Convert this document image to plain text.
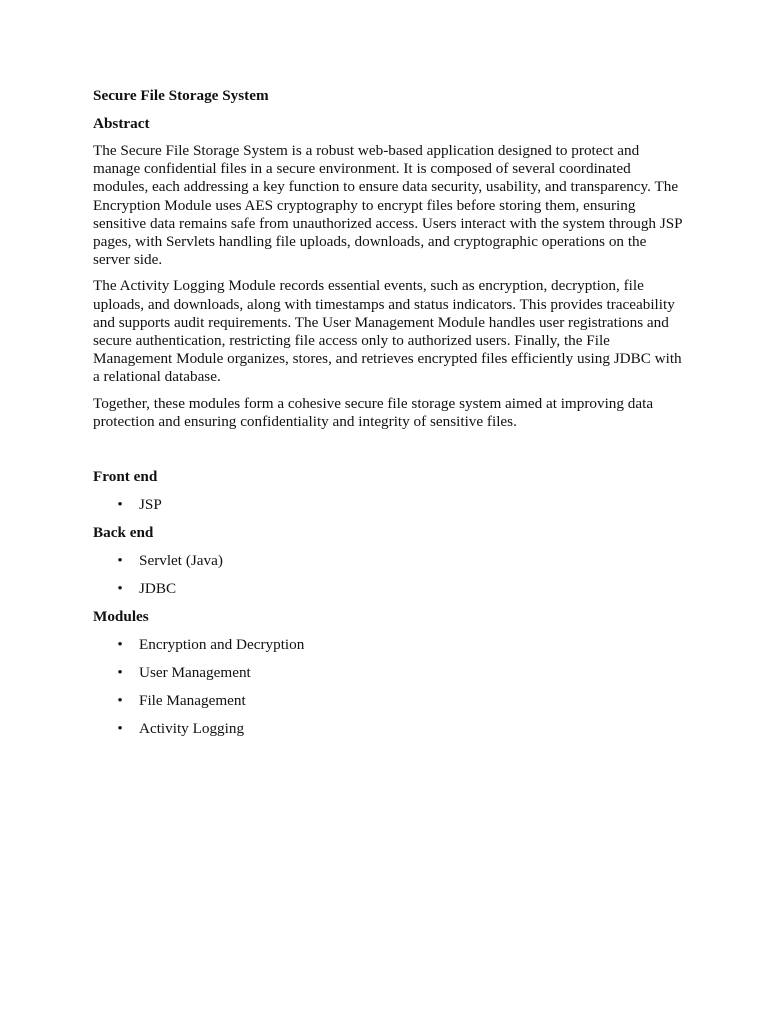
Secure File Storage System
Abstract

The Secure File Storage System is a robust web-based application designed to protect and manage confidential files in a secure environment. It is composed of several coordinated modules, each addressing a key function to ensure data security, usability, and transparency. The Encryption Module uses AES cryptography to encrypt files before storing them, ensuring sensitive data remains safe from unauthorized access. Users interact with the system through JSP pages, with Servlets handling file uploads, downloads, and cryptographic operations on the server side.

The Activity Logging Module records essential events, such as encryption, decryption, file uploads, and downloads, along with timestamps and status indicators. This provides traceability and supports audit requirements. The User Management Module handles user registrations and secure authentication, restricting file access only to authorized users. Finally, the File Management Module organizes, stores, and retrieves encrypted files efficiently using JDBC with a relational database.

Together, these modules form a cohesive secure file storage system aimed at improving data protection and ensuring confidentiality and integrity of sensitive files.

Front end
• JSP
Back end
• Servlet (Java)
• JDBC
Modules
• Encryption and Decryption
• User Management
• File Management
• Activity Logging
